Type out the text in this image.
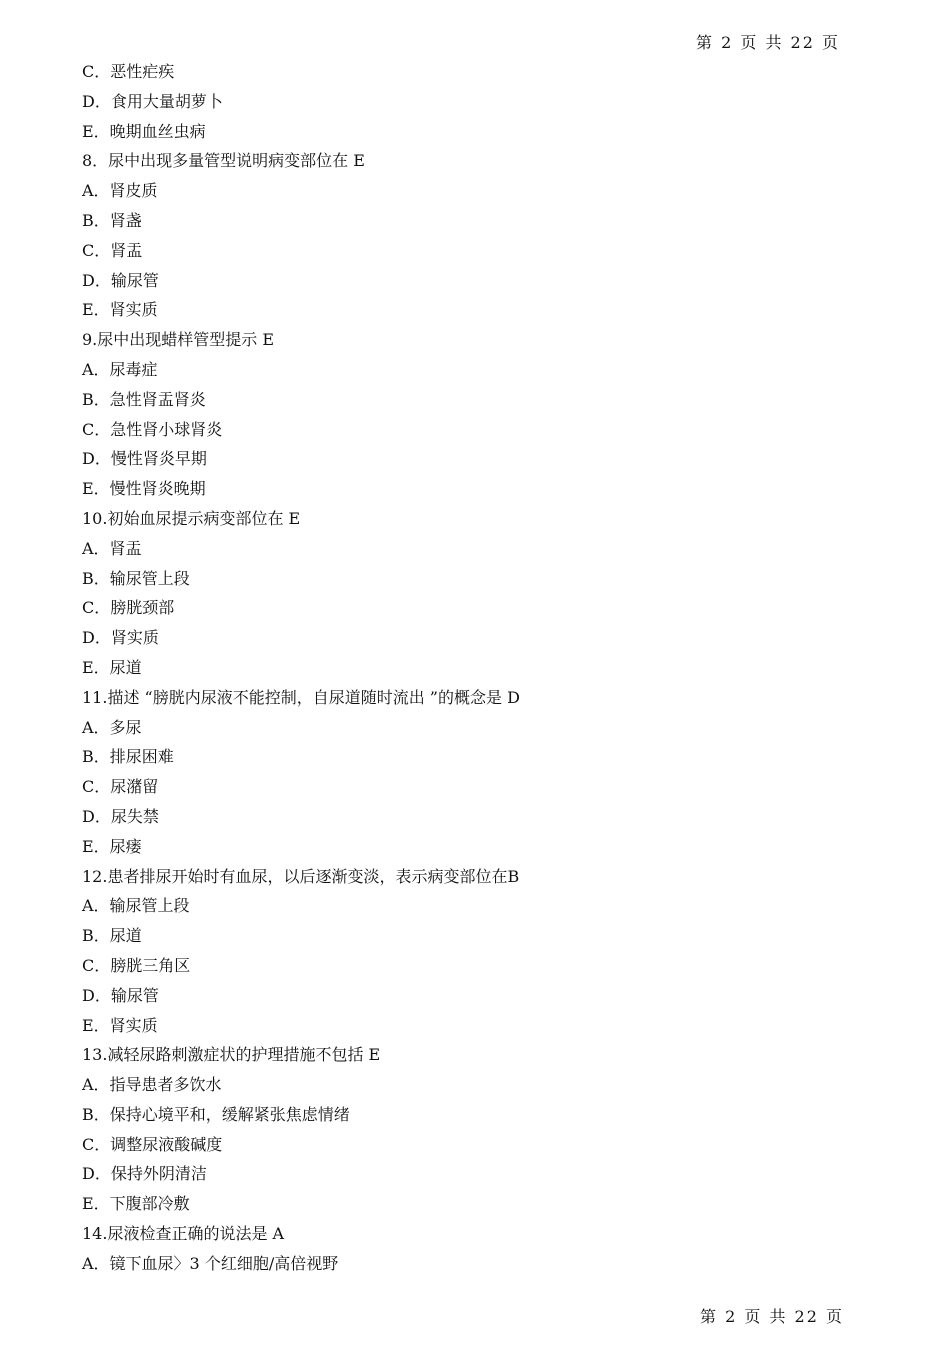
第 2 页 共 22 页
C．恶性疟疾
D．食用大量胡萝卜
E．晚期血丝虫病
8．尿中出现多量管型说明病变部位在 E
A．肾皮质
B．肾盏
C．肾盂
D．输尿管
E．肾实质
9.尿中出现蜡样管型提示 E
A．尿毒症
B．急性肾盂肾炎
C．急性肾小球肾炎
D．慢性肾炎早期
E．慢性肾炎晚期
10.初始血尿提示病变部位在 E
A．肾盂
B．输尿管上段
C．膀胱颈部
D．肾实质
E．尿道
11.描述 “膀胱内尿液不能控制，自尿道随时流出 ”的概念是 D
A．多尿
B．排尿困难
C．尿潴留
D．尿失禁
E．尿瘘
12.患者排尿开始时有血尿，以后逐渐变淡，表示病变部位在B
A．输尿管上段
B．尿道
C．膀胱三角区
D．输尿管
E．肾实质
13.减轻尿路刺激症状的护理措施不包括 E
A．指导患者多饮水
B．保持心境平和，缓解紧张焦虑情绪
C．调整尿液酸碱度
D．保持外阴清洁
E．下腹部冷敷
14.尿液检查正确的说法是 A
A．镜下血尿〉3 个红细胞/高倍视野
第 2 页 共 22 页
